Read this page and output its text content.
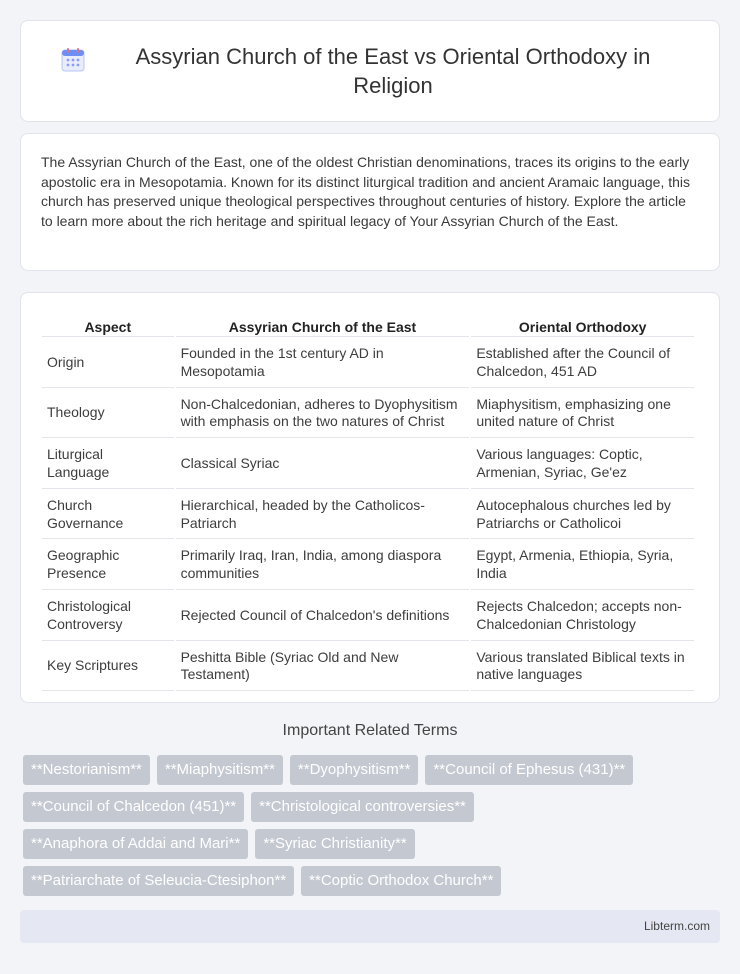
Assyrian Church of the East vs Oriental Orthodoxy in Religion

The Assyrian Church of the East, one of the oldest Christian denominations, traces its origins to the early apostolic era in Mesopotamia. Known for its distinct liturgical tradition and ancient Aramaic language, this church has preserved unique theological perspectives throughout centuries of history. Explore the article to learn more about the rich heritage and spiritual legacy of Your Assyrian Church of the East.

Aspect	Assyrian Church of the East	Oriental Orthodoxy
Origin	Founded in the 1st century AD in Mesopotamia	Established after the Council of Chalcedon, 451 AD
Theology	Non-Chalcedonian, adheres to Dyophysitism with emphasis on the two natures of Christ	Miaphysitism, emphasizing one united nature of Christ
Liturgical Language	Classical Syriac	Various languages: Coptic, Armenian, Syriac, Ge'ez
Church Governance	Hierarchical, headed by the Catholicos-Patriarch	Autocephalous churches led by Patriarchs or Catholicoi
Geographic Presence	Primarily Iraq, Iran, India, among diaspora communities	Egypt, Armenia, Ethiopia, Syria, India
Christological Controversy	Rejected Council of Chalcedon's definitions	Rejects Chalcedon; accepts non-Chalcedonian Christology
Key Scriptures	Peshitta Bible (Syriac Old and New Testament)	Various translated Biblical texts in native languages
Important Related Terms
**Nestorianism**	**Miaphysitism**	**Dyophysitism**	**Council of Ephesus (431)**
**Council of Chalcedon (451)**	**Christological controversies**
**Anaphora of Addai and Mari**	**Syriac Christianity**
**Patriarchate of Seleucia-Ctesiphon**	**Coptic Orthodox Church**
Libterm.com
